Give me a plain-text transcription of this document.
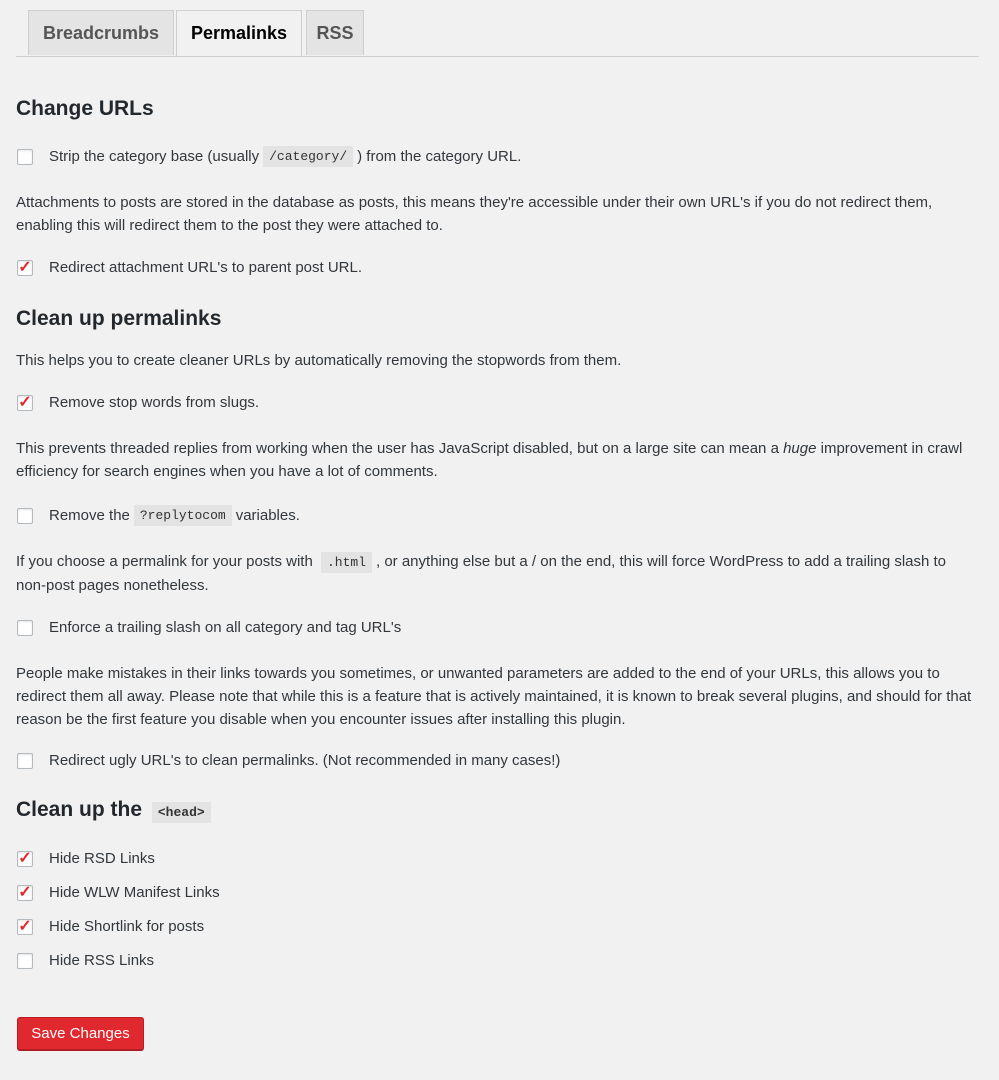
Breadcrumbs	Permalinks	RSS
Change URLs
Strip the category base (usually /category/ ) from the category URL.

Attachments to posts are stored in the database as posts, this means they're accessible under their own URL's if you do not redirect them, enabling this will redirect them to the post they were attached to.

✓ Redirect attachment URL's to parent post URL.
Clean up permalinks

This helps you to create cleaner URLs by automatically removing the stopwords from them.

✓ Remove stop words from slugs.

This prevents threaded replies from working when the user has JavaScript disabled, but on a large site can mean a huge improvement in crawl efficiency for search engines when you have a lot of comments.

Remove the ?replytocom variables.

If you choose a permalink for your posts with .html , or anything else but a / on the end, this will force WordPress to add a trailing slash to non-post pages nonetheless.

Enforce a trailing slash on all category and tag URL's

People make mistakes in their links towards you sometimes, or unwanted parameters are added to the end of your URLs, this allows you to redirect them all away. Please note that while this is a feature that is actively maintained, it is known to break several plugins, and should for that reason be the first feature you disable when you encounter issues after installing this plugin.

Redirect ugly URL's to clean permalinks. (Not recommended in many cases!)
Clean up the <head>
✓ Hide RSD Links
✓ Hide WLW Manifest Links
✓ Hide Shortlink for posts
Hide RSS Links
Save Changes
